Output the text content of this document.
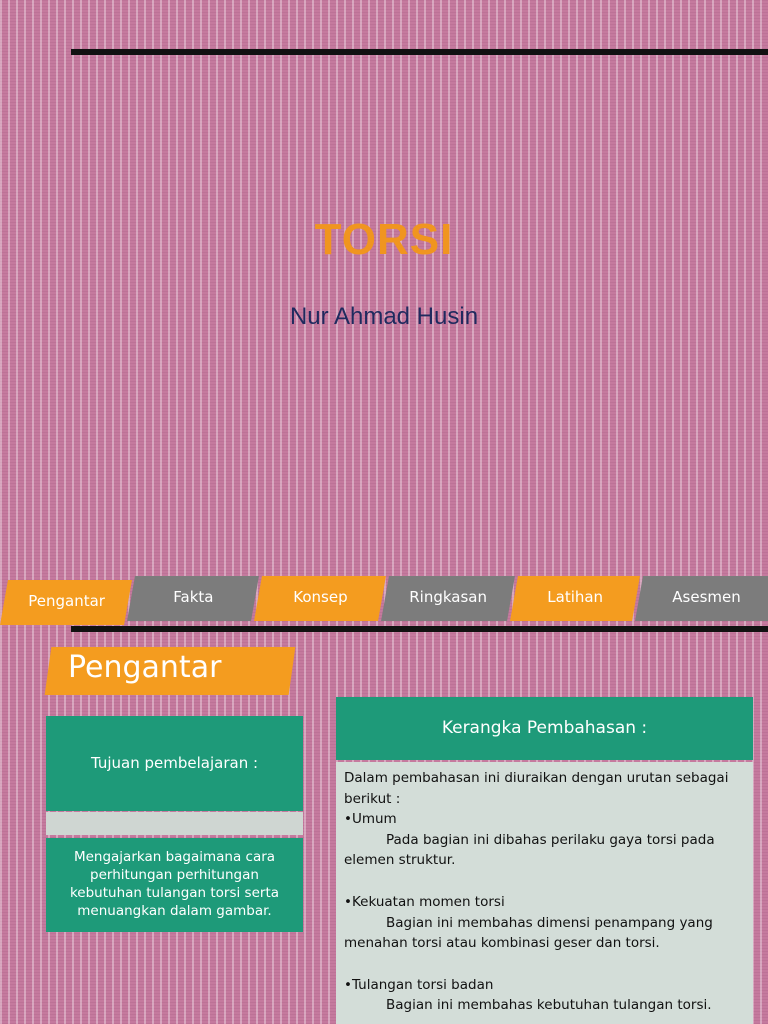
TORSI
Nur Ahmad Husin
Pengantar	Fakta	Konsep	Ringkasan	Latihan	Asesmen
Pengantar
Tujuan pembelajaran :
Mengajarkan bagaimana cara perhitungan perhitungan kebutuhan tulangan torsi serta menuangkan dalam gambar.
Kerangka Pembahasan :

Dalam pembahasan ini diuraikan dengan urutan sebagai berikut :

•Umum

Pada bagian ini dibahas perilaku gaya torsi pada elemen struktur.

•Kekuatan momen torsi

Bagian ini membahas dimensi penampang yang menahan torsi atau kombinasi geser dan torsi.

•Tulangan torsi badan

Bagian ini membahas kebutuhan tulangan torsi.
